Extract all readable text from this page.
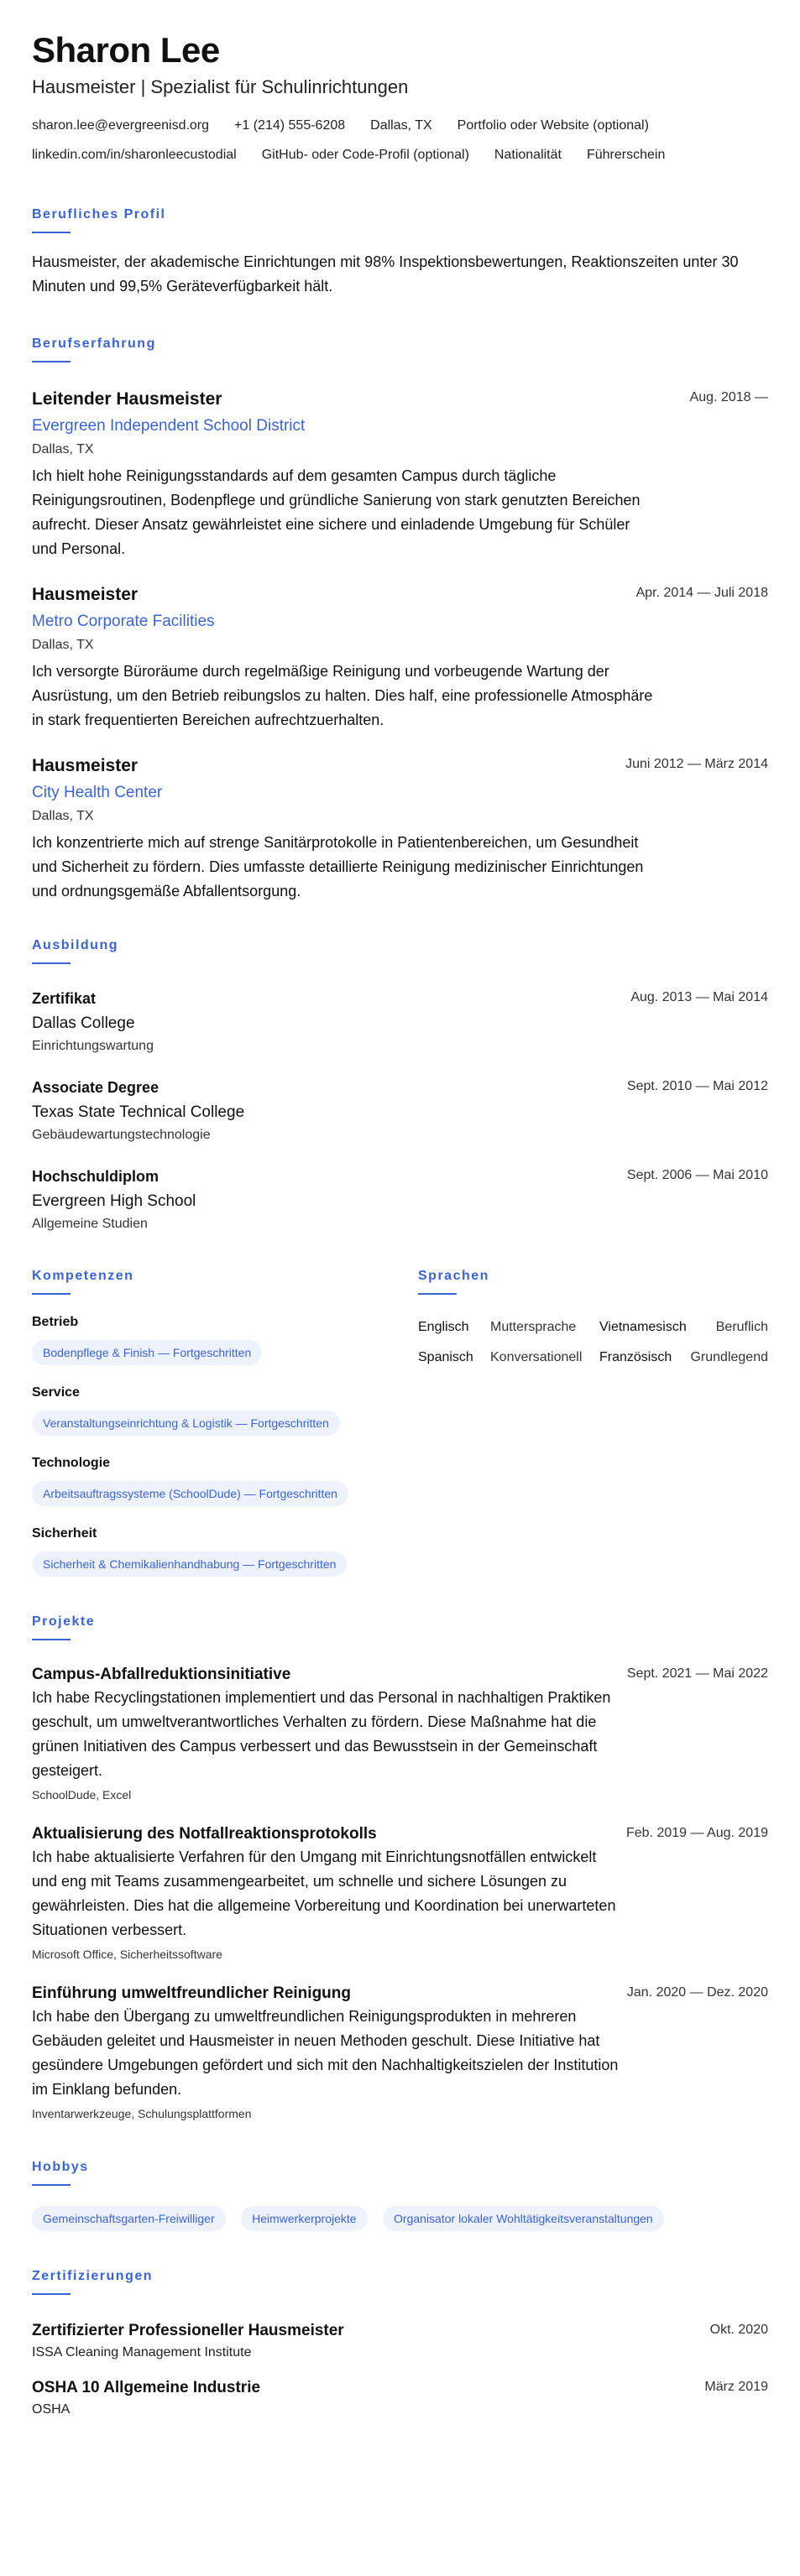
Sharon Lee
Hausmeister | Spezialist für Schulinrichtungen
sharon.lee@evergreenisd.org +1 (214) 555-6208 Dallas, TX Portfolio oder Website (optional)
linkedin.com/in/sharonleecustodial GitHub- oder Code-Profil (optional) Nationalität Führerschein
Berufliches Profil
Hausmeister, der akademische Einrichtungen mit 98% Inspektionsbewertungen, Reaktionszeiten unter 30 Minuten und 99,5% Geräteverfügbarkeit hält.
Berufserfahrung
Leitender Hausmeister	Aug. 2018 —
Evergreen Independent School District
Dallas, TX
Ich hielt hohe Reinigungsstandards auf dem gesamten Campus durch tägliche Reinigungsroutinen, Bodenpflege und gründliche Sanierung von stark genutzten Bereichen aufrecht. Dieser Ansatz gewährleistet eine sichere und einladende Umgebung für Schüler und Personal.
Hausmeister	Apr. 2014 — Juli 2018
Metro Corporate Facilities
Dallas, TX
Ich versorgte Büroräume durch regelmäßige Reinigung und vorbeugende Wartung der Ausrüstung, um den Betrieb reibungslos zu halten. Dies half, eine professionelle Atmosphäre in stark frequentierten Bereichen aufrechtzuerhalten.
Hausmeister	Juni 2012 — März 2014
City Health Center
Dallas, TX
Ich konzentrierte mich auf strenge Sanitärprotokolle in Patientenbereichen, um Gesundheit und Sicherheit zu fördern. Dies umfasste detaillierte Reinigung medizinischer Einrichtungen und ordnungsgemäße Abfallentsorgung.
Ausbildung
Zertifikat	Aug. 2013 — Mai 2014
Dallas College
Einrichtungswartung
Associate Degree	Sept. 2010 — Mai 2012
Texas State Technical College
Gebäudewartungstechnologie
Hochschuldiplom	Sept. 2006 — Mai 2010
Evergreen High School
Allgemeine Studien
Kompetenzen
Betrieb
Bodenpflege & Finish — Fortgeschritten
Service
Veranstaltungseinrichtung & Logistik — Fortgeschritten
Technologie
Arbeitsauftragssysteme (SchoolDude) — Fortgeschritten
Sicherheit
Sicherheit & Chemikalienhandhabung — Fortgeschritten
Sprachen
Englisch	Muttersprache	Vietnamesisch	Beruflich
Spanisch	Konversationell	Französisch	Grundlegend
Projekte
Campus-Abfallreduktionsinitiative	Sept. 2021 — Mai 2022
Ich habe Recyclingstationen implementiert und das Personal in nachhaltigen Praktiken geschult, um umweltverantwortliches Verhalten zu fördern. Diese Maßnahme hat die grünen Initiativen des Campus verbessert und das Bewusstsein in der Gemeinschaft gesteigert.
SchoolDude, Excel
Aktualisierung des Notfallreaktionsprotokolls	Feb. 2019 — Aug. 2019
Ich habe aktualisierte Verfahren für den Umgang mit Einrichtungsnotfällen entwickelt und eng mit Teams zusammengearbeitet, um schnelle und sichere Lösungen zu gewährleisten. Dies hat die allgemeine Vorbereitung und Koordination bei unerwarteten Situationen verbessert.
Microsoft Office, Sicherheitssoftware
Einführung umweltfreundlicher Reinigung	Jan. 2020 — Dez. 2020
Ich habe den Übergang zu umweltfreundlichen Reinigungsprodukten in mehreren Gebäuden geleitet und Hausmeister in neuen Methoden geschult. Diese Initiative hat gesündere Umgebungen gefördert und sich mit den Nachhaltigkeitszielen der Institution im Einklang befunden.
Inventarwerkzeuge, Schulungsplattformen
Hobbys
Gemeinschaftsgarten-Freiwilliger	Heimwerkerprojekte	Organisator lokaler Wohltätigkeitsveranstaltungen
Zertifizierungen
Zertifizierter Professioneller Hausmeister	Okt. 2020
ISSA Cleaning Management Institute
OSHA 10 Allgemeine Industrie	März 2019
OSHA
